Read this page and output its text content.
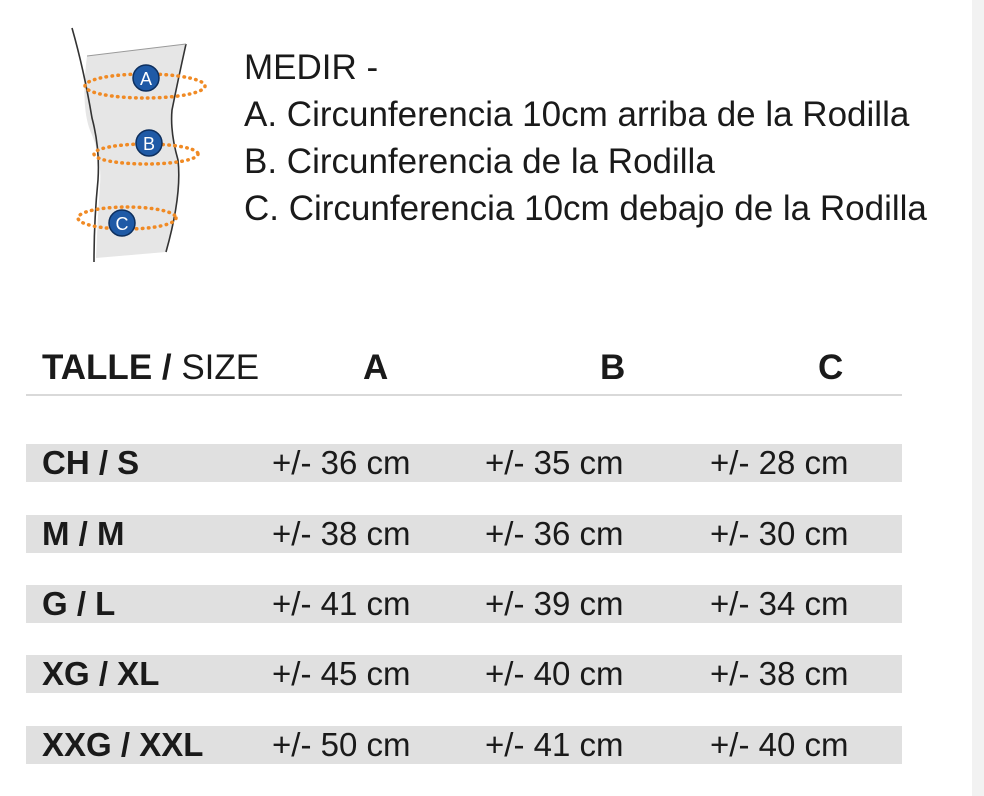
A
B
C
MEDIR -
A. Circunferencia 10cm arriba de la Rodilla
B. Circunferencia de la Rodilla
C. Circunferencia 10cm debajo de la Rodilla
TALLE / SIZE	A	B	C
CH / S	+/- 36 cm +/- 35 cm	+/- 28 cm
M / M	+/- 38 cm +/- 36 cm	+/- 30 cm
G / L	+/- 41 cm +/- 39 cm	+/- 34 cm
XG / XL	+/- 45 cm +/- 40 cm	+/- 38 cm
XXG / XXL +/- 50 cm +/- 41 cm	+/- 40 cm
